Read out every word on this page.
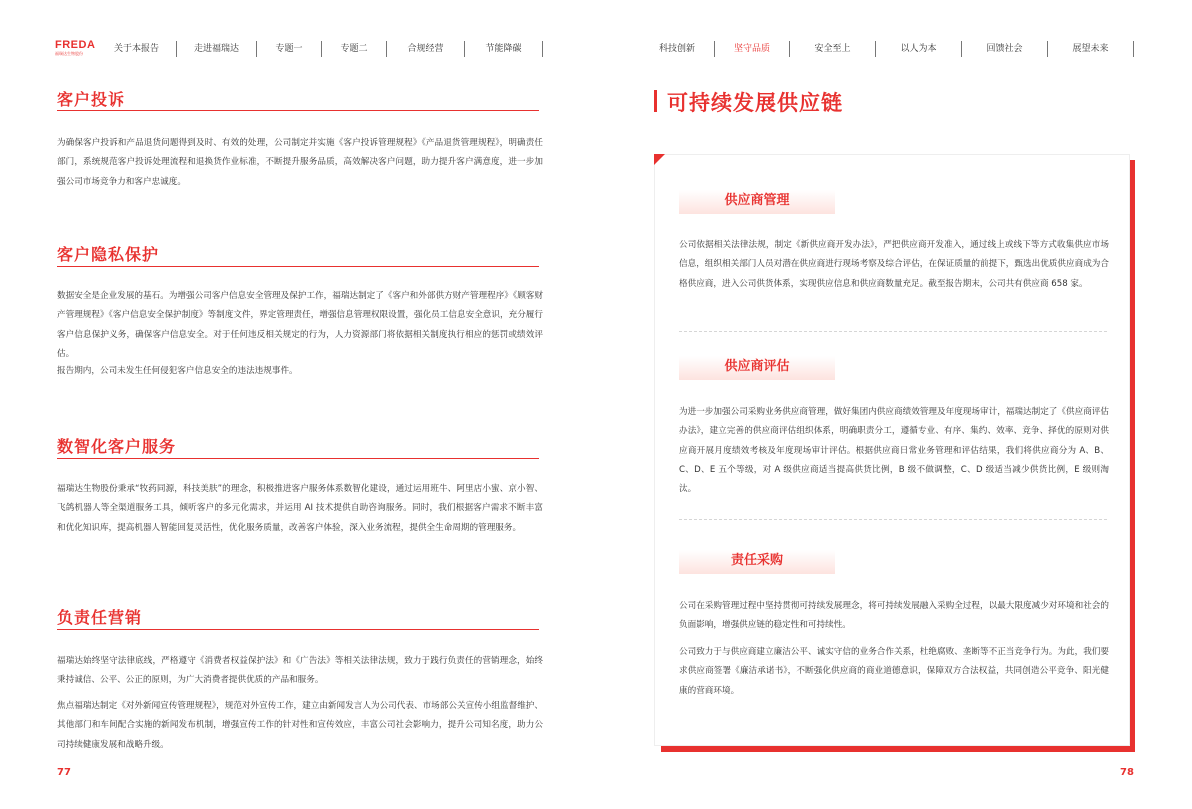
FREDA
福瑞达生物股份	关于本报告	走进福瑞达	专题一	专题二	合规经营	节能降碳	科技创新	坚守品质	安全至上	以人为本	回馈社会	展望未来
客户投诉

为确保客户投诉和产品退货问题得到及时、有效的处理，公司制定并实施《客户投诉管理规程》《产品退货管理规程》，明确责任部门，系统规范客户投诉处理流程和退换货作业标准，不断提升服务品质，高效解决客户问题，助力提升客户满意度，进一步加强公司市场竞争力和客户忠诚度。

客户隐私保护

数据安全是企业发展的基石。为增强公司客户信息安全管理及保护工作，福瑞达制定了《客户和外部供方财产管理程序》《顾客财产管理规程》《客户信息安全保护制度》等制度文件，界定管理责任，增强信息管理权限设置，强化员工信息安全意识，充分履行客户信息保护义务，确保客户信息安全。对于任何违反相关规定的行为，人力资源部门将依据相关制度执行相应的惩罚或绩效评估。

报告期内，公司未发生任何侵犯客户信息安全的违法违规事件。

数智化客户服务

福瑞达生物股份秉承“牧药同源，科技美肤”的理念，积极推进客户服务体系数智化建设，通过运用班牛、阿里店小蜜、京小智、飞鸽机器人等全渠道服务工具，倾听客户的多元化需求，并运用 AI 技术提供自助咨询服务。同时，我们根据客户需求不断丰富和优化知识库，提高机器人智能回复灵活性，优化服务质量，改善客户体验，深入业务流程，提供全生命周期的管理服务。

负责任营销

福瑞达始终坚守法律底线，严格遵守《消费者权益保护法》和《广告法》等相关法律法规，致力于践行负责任的营销理念，始终秉持诚信、公平、公正的原则，为广大消费者提供优质的产品和服务。

焦点福瑞达制定《对外新闻宣传管理规程》，规范对外宣传工作，建立由新闻发言人为公司代表、市场部公关宣传小组监督维护、其他部门和车间配合实施的新闻发布机制，增强宣传工作的针对性和宣传效应，丰富公司社会影响力，提升公司知名度，助力公司持续健康发展和战略升级。

77
可持续发展供应链
供应商管理

公司依据相关法律法规，制定《新供应商开发办法》，严把供应商开发准入，通过线上或线下等方式收集供应市场信息，组织相关部门人员对潜在供应商进行现场考察及综合评估，在保证质量的前提下，甄选出优质供应商成为合格供应商，进入公司供货体系，实现供应信息和供应商数量充足。截至报告期末，公司共有供应商 658 家。

供应商评估

为进一步加强公司采购业务供应商管理，做好集团内供应商绩效管理及年度现场审计，福瑞达制定了《供应商评估办法》，建立完善的供应商评估组织体系，明确职责分工，遵循专业、有序、集约、效率、竞争、择优的原则对供应商开展月度绩效考核及年度现场审计评估。根据供应商日常业务管理和评估结果，我们将供应商分为 A、B、C、D、E 五个等级，对 A 级供应商适当提高供货比例，B 级不做调整，C、D 级适当减少供货比例，E 级则淘汰。

责任采购

公司在采购管理过程中坚持贯彻可持续发展理念，将可持续发展融入采购全过程，以最大限度减少对环境和社会的负面影响，增强供应链的稳定性和可持续性。

公司致力于与供应商建立廉洁公平、诚实守信的业务合作关系，杜绝腐败、垄断等不正当竞争行为。为此，我们要求供应商签署《廉洁承诺书》，不断强化供应商的商业道德意识，保障双方合法权益，共同创造公平竞争、阳光健康的营商环境。

78
